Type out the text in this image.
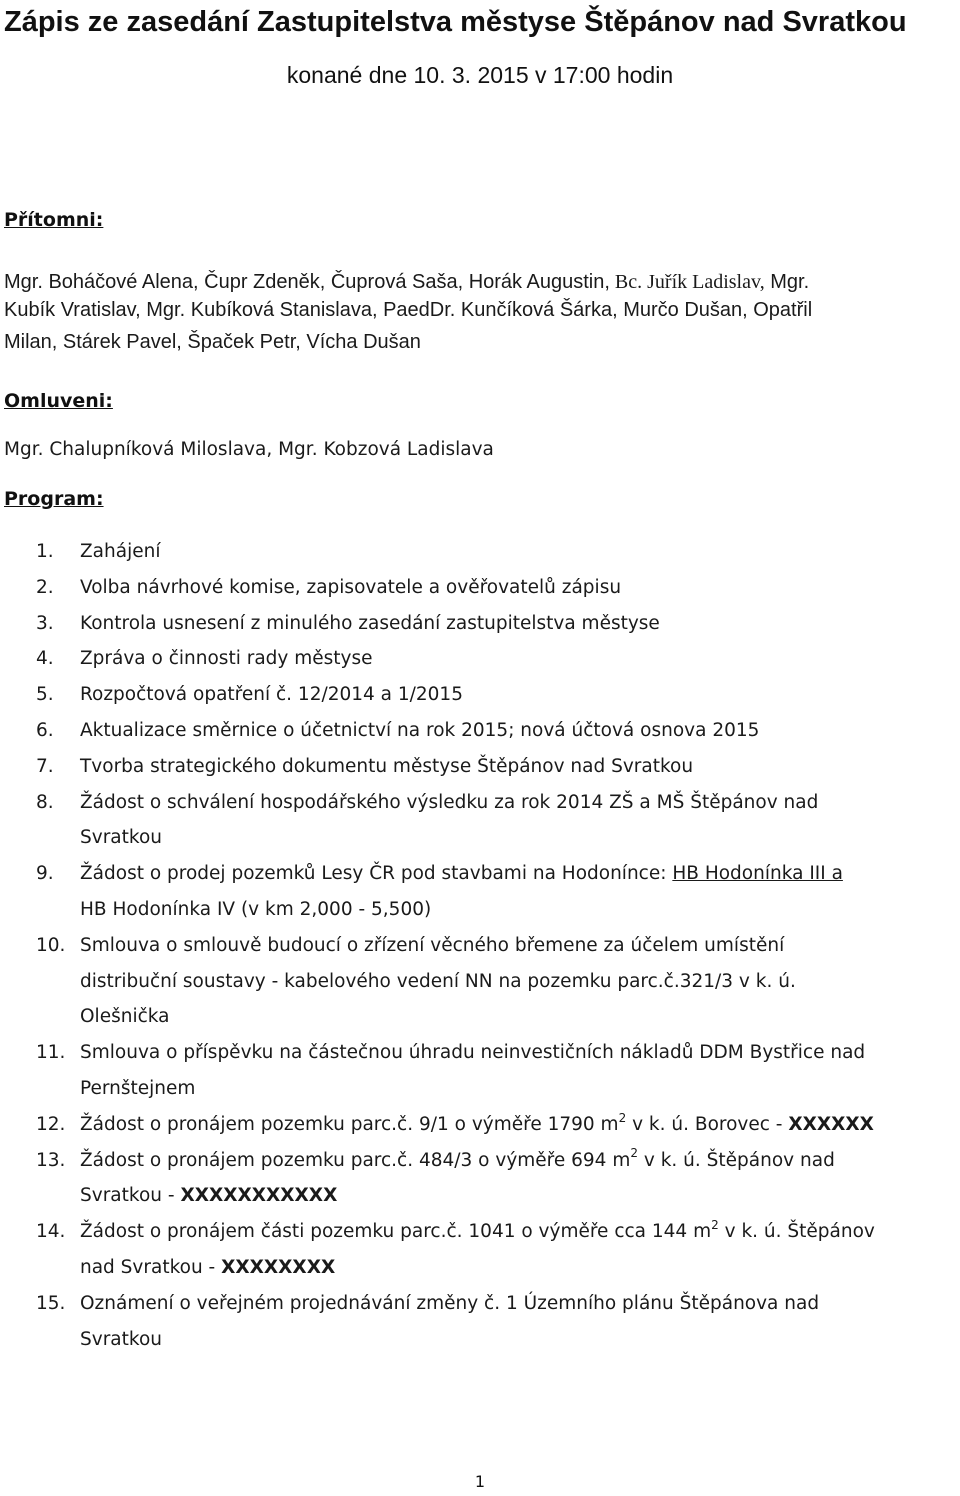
Zápis ze zasedání Zastupitelstva městyse Štěpánov nad Svratkou
konané dne 10. 3. 2015 v 17:00 hodin
Přítomni:
Mgr. Boháčové Alena, Čupr Zdeněk, Čuprová Saša, Horák Augustin, Bc. Juřík Ladislav, Mgr.
Kubík Vratislav, Mgr. Kubíková Stanislava, PaedDr. Kunčíková Šárka, Murčo Dušan, Opatřil
Milan, Stárek Pavel, Špaček Petr, Vícha Dušan
Omluveni:
Mgr. Chalupníková Miloslava, Mgr. Kobzová Ladislava
Program:
1.	Zahájení
2.	Volba návrhové komise, zapisovatele a ověřovatelů zápisu
3.	Kontrola usnesení z minulého zasedání zastupitelstva městyse
4.	Zpráva o činnosti rady městyse
5.	Rozpočtová opatření č. 12/2014 a 1/2015
6.	Aktualizace směrnice o účetnictví na rok 2015; nová účtová osnova 2015
7.	Tvorba strategického dokumentu městyse Štěpánov nad Svratkou
8.	Žádost o schválení hospodářského výsledku za rok 2014 ZŠ a MŠ Štěpánov nad
Svratkou
9.	Žádost o prodej pozemků Lesy ČR pod stavbami na Hodonínce: HB Hodonínka III a
HB Hodonínka IV (v km 2,000 - 5,500)
10. Smlouva o smlouvě budoucí o zřízení věcného břemene za účelem umístění
distribuční soustavy - kabelového vedení NN na pozemku parc.č.321/3 v k. ú.
Olešnička
11. Smlouva o příspěvku na částečnou úhradu neinvestičních nákladů DDM Bystřice nad
Pernštejnem
12. Žádost o pronájem pozemku parc.č. 9/1 o výměře 1790 $m^2$ v k. ú. Borovec - XXXXXX
13. Žádost o pronájem pozemku parc.č. 484/3 o výměře 694 $m^2$ v k. ú. Štěpánov nad
Svratkou - XXXXXXXXXXX
14. Žádost o pronájem části pozemku parc.č. 1041 o výměře cca 144 $m^2$ v k. ú. Štěpánov
nad Svratkou - XXXXXXXX
15. Oznámení o veřejném projednávání změny č. 1 Územního plánu Štěpánova nad
Svratkou
1
